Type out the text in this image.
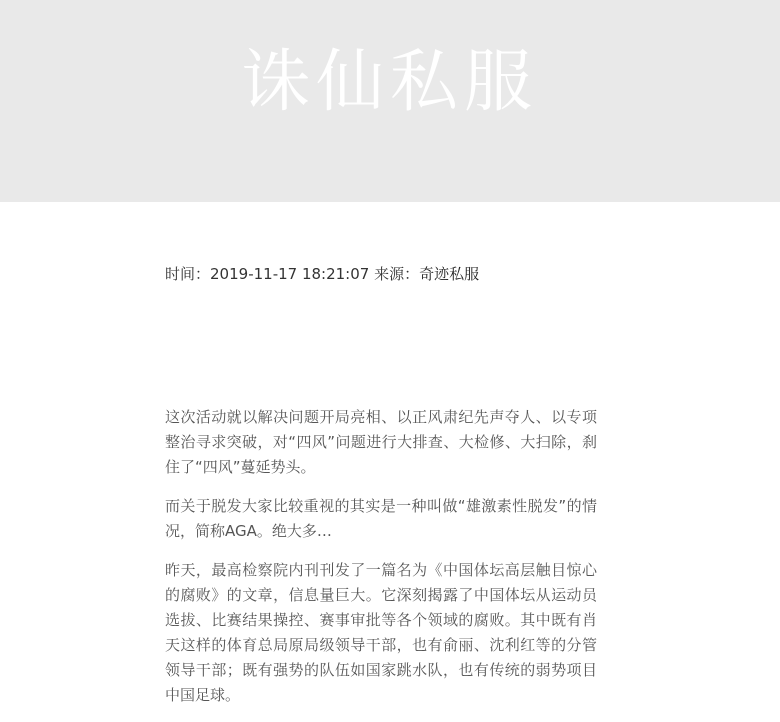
诛仙私服
时间：2019-11-17 18:21:07 来源：奇迹私服

这次活动就以解决问题开局亮相、以正风肃纪先声夺人、以专项整治寻求突破，对“四风”问题进行大排查、大检修、大扫除，刹住了“四风”蔓延势头。

而关于脱发大家比较重视的其实是一种叫做“雄激素性脱发”的情况，简称AGA。绝大多…

昨天，最高检察院内刊刊发了一篇名为《中国体坛高层触目惊心的腐败》的文章，信息量巨大。它深刻揭露了中国体坛从运动员选拔、比赛结果操控、赛事审批等各个领域的腐败。其中既有肖天这样的体育总局原局级领导干部，也有俞丽、沈利红等的分管领导干部；既有强势的队伍如国家跳水队，也有传统的弱势项目中国足球。
